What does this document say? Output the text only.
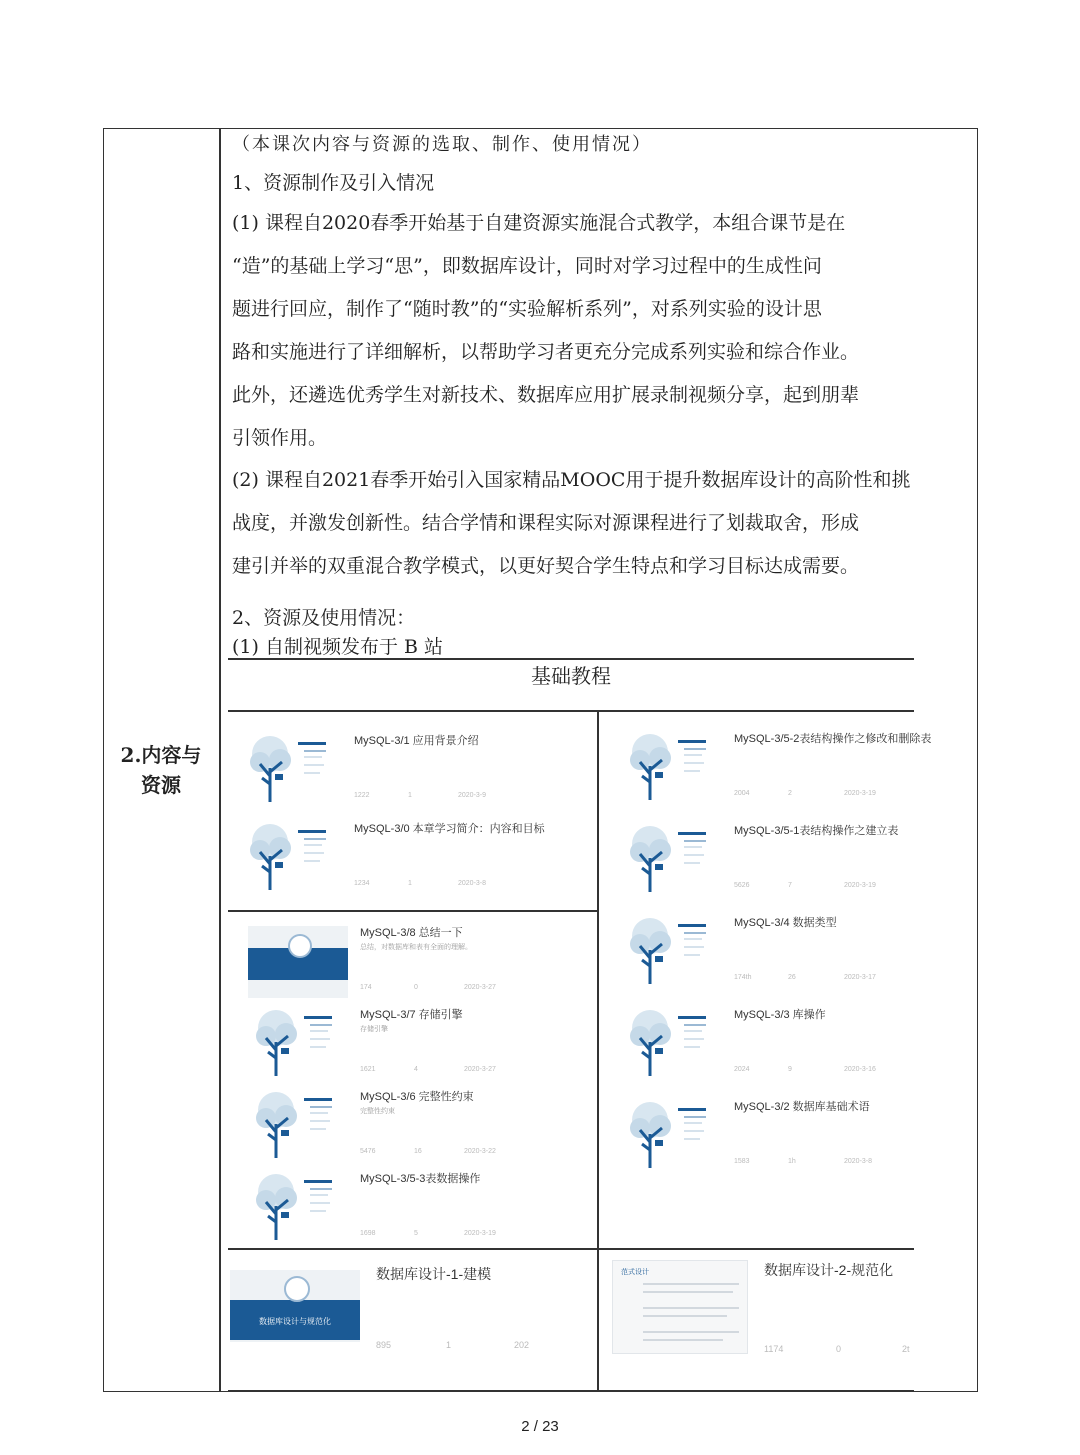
2.内容与
资源
（本课次内容与资源的选取、制作、使用情况）
1、资源制作及引入情况
(1) 课程自2020春季开始基于自建资源实施混合式教学，本组合课节是在
“造”的基础上学习“思”，即数据库设计，同时对学习过程中的生成性问
题进行回应，制作了“随时教”的“实验解析系列”，对系列实验的设计思
路和实施进行了详细解析，以帮助学习者更充分完成系列实验和综合作业。
此外，还遴选优秀学生对新技术、数据库应用扩展录制视频分享，起到朋辈
引领作用。
(2) 课程自2021春季开始引入国家精品MOOC用于提升数据库设计的高阶性和挑
战度，并激发创新性。结合学情和课程实际对源课程进行了划裁取舍，形成
建引并举的双重混合教学模式，以更好契合学生特点和学习目标达成需要。
2、资源及使用情况：
(1) 自制视频发布于 B 站
基础教程
MySQL-3/1 应用背景介绍
1222	1	2020-3-9
MySQL-3/0 本章学习简介：内容和目标
1234	1	2020-3-8
MySQL-3/8 总结一下
总结，对数据库和表有全面的理解。
174	0	2020-3-27
MySQL-3/7 存储引擎
存储引擎
1621	4	2020-3-27
MySQL-3/6 完整性约束
完整性约束
5476	16	2020-3-22
MySQL-3/5-3表数据操作
1698	5	2020-3-19
MySQL-3/5-2表结构操作之修改和删除表
2004	2	2020-3-19
MySQL-3/5-1表结构操作之建立表
5626	7	2020-3-19
MySQL-3/4 数据类型
174th	26	2020-3-17
MySQL-3/3 库操作
2024	9	2020-3-16
MySQL-3/2 数据库基础术语
1583	1h	2020-3-8
数据库设计与规范化
数据库设计-1-建模
895	1	202
范式设计	数据库设计-2-规范化
1174	0	2t
2 / 23
